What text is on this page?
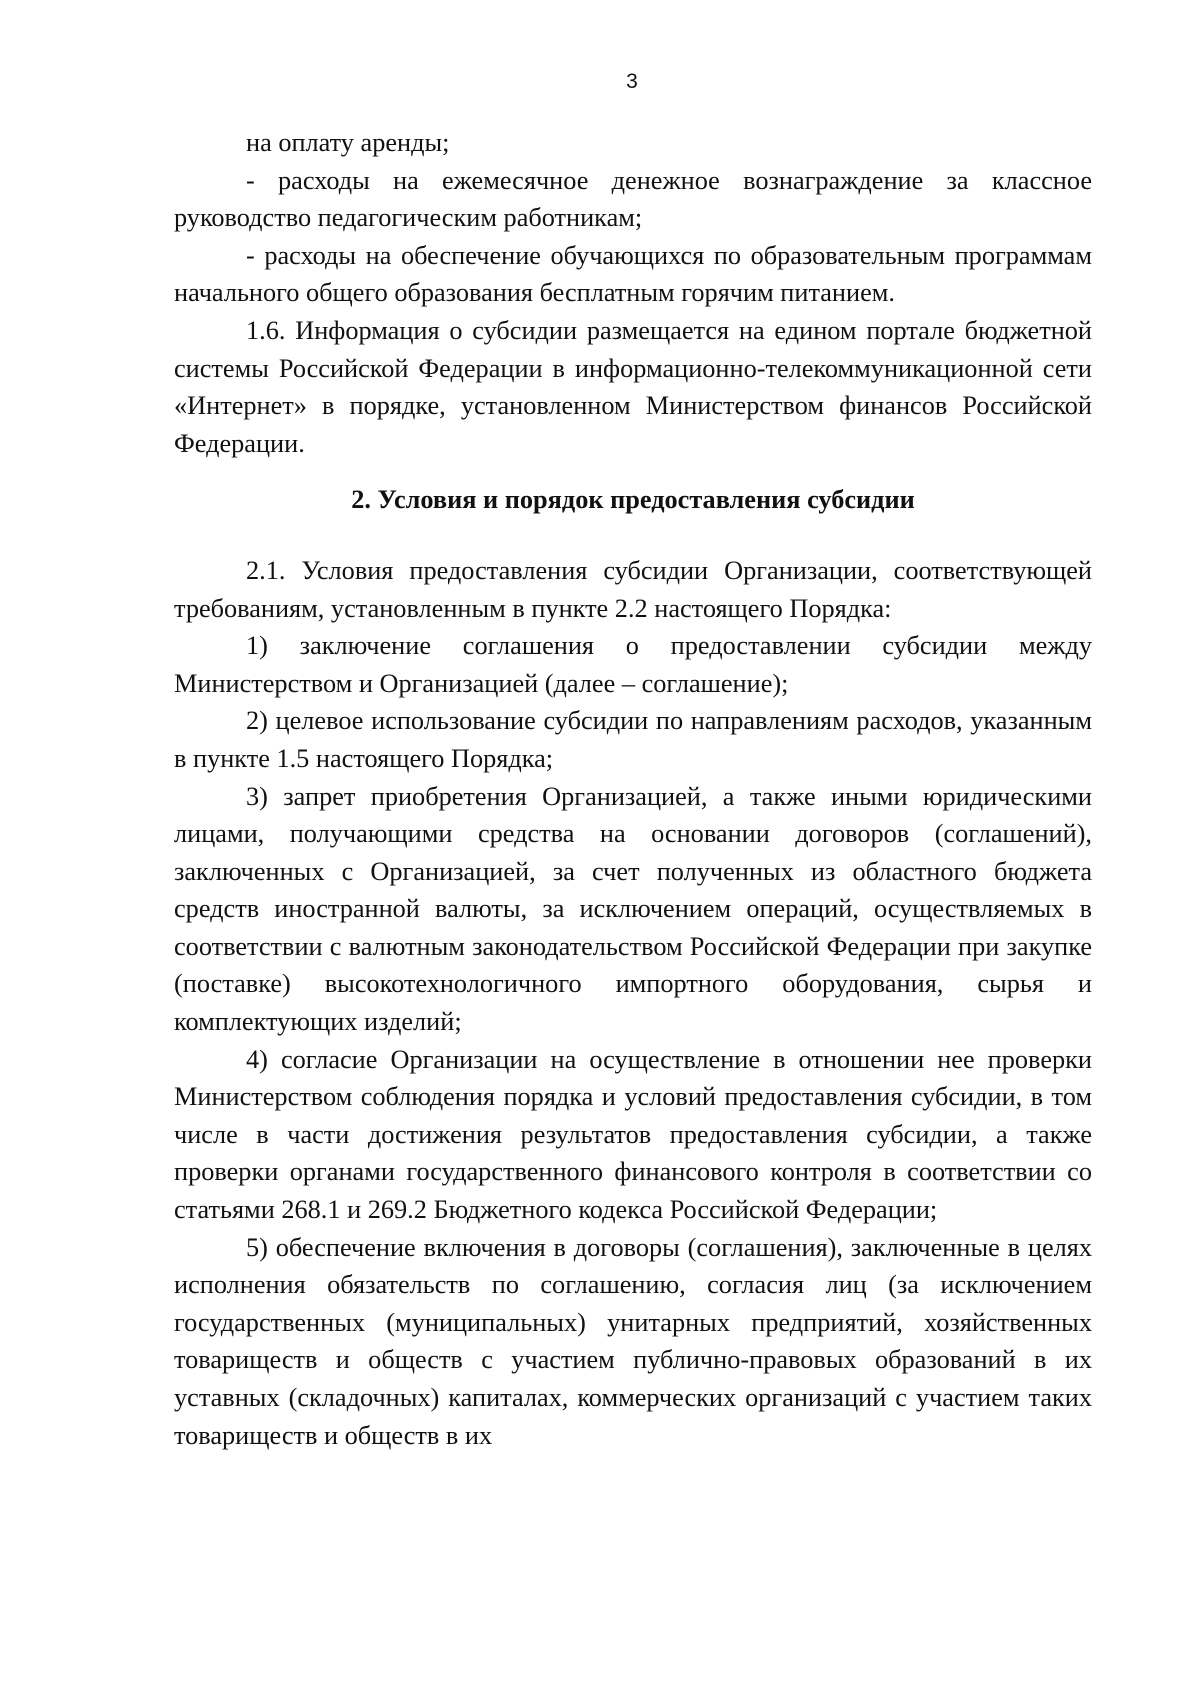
3

на оплату аренды;

- расходы на ежемесячное денежное вознаграждение за классное руководство педагогическим работникам;

- расходы на обеспечение обучающихся по образовательным программам начального общего образования бесплатным горячим питанием.

1.6. Информация о субсидии размещается на едином портале бюджетной системы Российской Федерации в информационно-телекоммуникационной сети «Интернет» в порядке, установленном Министерством финансов Российской Федерации.

2. Условия и порядок предоставления субсидии

2.1. Условия предоставления субсидии Организации, соответствующей требованиям, установленным в пункте 2.2 настоящего Порядка:

1) заключение соглашения о предоставлении субсидии между Министерством и Организацией (далее – соглашение);

2) целевое использование субсидии по направлениям расходов, указанным в пункте 1.5 настоящего Порядка;

3) запрет приобретения Организацией, а также иными юридическими лицами, получающими средства на основании договоров (соглашений), заключенных с Организацией, за счет полученных из областного бюджета средств иностранной валюты, за исключением операций, осуществляемых в соответствии с валютным законодательством Российской Федерации при закупке (поставке) высокотехнологичного импортного оборудования, сырья и комплектующих изделий;

4) согласие Организации на осуществление в отношении нее проверки Министерством соблюдения порядка и условий предоставления субсидии, в том числе в части достижения результатов предоставления субсидии, а также проверки органами государственного финансового контроля в соответствии со статьями 268.1 и 269.2 Бюджетного кодекса Российской Федерации;

5) обеспечение включения в договоры (соглашения), заключенные в целях исполнения обязательств по соглашению, согласия лиц (за исключением государственных (муниципальных) унитарных предприятий, хозяйственных товариществ и обществ с участием публично-правовых образований в их уставных (складочных) капиталах, коммерческих организаций с участием таких товариществ и обществ в их
